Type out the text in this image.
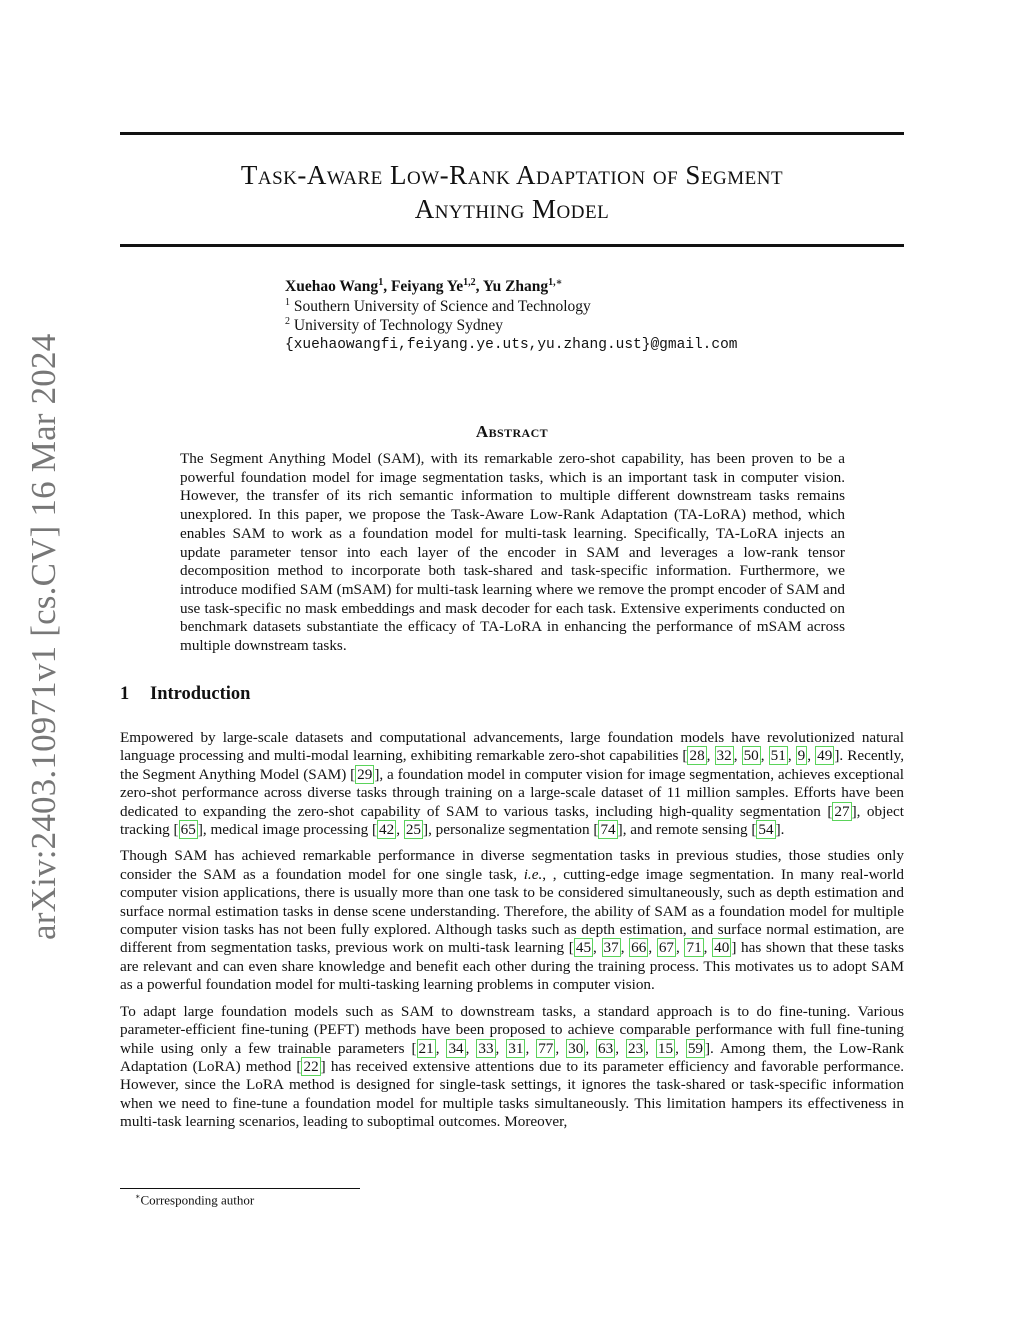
arXiv:2403.10971v1 [cs.CV] 16 Mar 2024
Task-Aware Low-Rank Adaptation of Segment
Anything Model
Xuehao Wang$^1$, Feiyang Ye$^{1,2}$, Yu Zhang$^{1,∗}$
$^1$ Southern University of Science and Technology
$^2$ University of Technology Sydney
{xuehaowangfi,feiyang.ye.uts,yu.zhang.ust}@gmail.com
Abstract
The Segment Anything Model (SAM), with its remarkable zero-shot capability, has been proven to be a powerful foundation model for image segmentation tasks, which is an important task in computer vision. However, the transfer of its rich semantic information to multiple different downstream tasks remains unexplored. In this paper, we propose the Task-Aware Low-Rank Adaptation (TA-LoRA) method, which enables SAM to work as a foundation model for multi-task learning. Specifically, TA-LoRA injects an update parameter tensor into each layer of the encoder in SAM and leverages a low-rank tensor decomposition method to incorporate both task-shared and task-specific information. Furthermore, we introduce modified SAM (mSAM) for multi-task learning where we remove the prompt encoder of SAM and use task-specific no mask embeddings and mask decoder for each task. Extensive experiments conducted on benchmark datasets substantiate the efficacy of TA-LoRA in enhancing the performance of mSAM across multiple downstream tasks.
1 Introduction

Empowered by large-scale datasets and computational advancements, large foundation models have revolutionized natural language processing and multi-modal learning, exhibiting remarkable zero-shot capabilities [ 28 , 32 , 50 , 51 , 9 , 49 ]. Recently, the Segment Anything Model (SAM) [ 29 ], a foundation model in computer vision for image segmentation, achieves exceptional zero-shot performance across diverse tasks through training on a large-scale dataset of 11 million samples. Efforts have been dedicated to expanding the zero-shot capability of SAM to various tasks, including high-quality segmentation [ 27 ], object tracking [ 65 ], medical image processing [ 42 , 25 ], personalize segmentation [ 74 ], and remote sensing [ 54 ].

Though SAM has achieved remarkable performance in diverse segmentation tasks in previous studies, those studies only consider the SAM as a foundation model for one single task, i.e., , cutting-edge image segmentation. In many real-world computer vision applications, there is usually more than one task to be considered simultaneously, such as depth estimation and surface normal estimation tasks in dense scene understanding. Therefore, the ability of SAM as a foundation model for multiple computer vision tasks has not been fully explored. Although tasks such as depth estimation, and surface normal estimation, are different from segmentation tasks, previous work on multi-task learning [ 45 , 37 , 66 , 67 , 71 , 40 ] has shown that these tasks are relevant and can even share knowledge and benefit each other during the training process. This motivates us to adopt SAM as a powerful foundation model for multi-tasking learning problems in computer vision.

To adapt large foundation models such as SAM to downstream tasks, a standard approach is to do fine-tuning. Various parameter-efficient fine-tuning (PEFT) methods have been proposed to achieve comparable performance with full fine-tuning while using only a few trainable parameters [ 21 , 34 , 33 , 31 , 77 , 30 , 63 , 23 , 15 , 59 ]. Among them, the Low-Rank Adaptation (LoRA) method [ 22 ] has received extensive attentions due to its parameter efficiency and favorable performance. However, since the LoRA method is designed for single-task settings, it ignores the task-shared or task-specific information when we need to fine-tune a foundation model for multiple tasks simultaneously. This limitation hampers its effectiveness in multi-task learning scenarios, leading to suboptimal outcomes. Moreover,

∗Corresponding author
